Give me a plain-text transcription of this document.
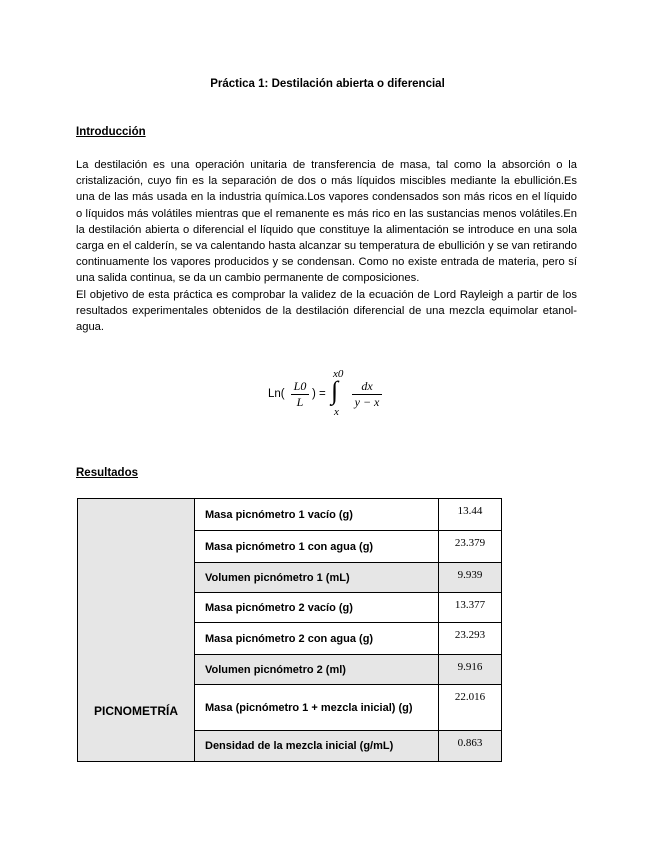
Práctica 1: Destilación abierta o diferencial
Introducción

La destilación es una operación unitaria de transferencia de masa, tal como la absorción o la cristalización, cuyo fin es la separación de dos o más líquidos miscibles mediante la ebullición.Es una de las más usada en la industria química.Los vapores condensados son más ricos en el líquido o líquidos más volátiles mientras que el remanente es más rico en las sustancias menos volátiles.En la destilación abierta o diferencial el líquido que constituye la alimentación se introduce en una sola carga en el calderín, se va calentando hasta alcanzar su temperatura de ebullición y se van retirando continuamente los vapores producidos y se condensan. Como no existe entrada de materia, pero sí una salida continua, se da un cambio permanente de composiciones.

El objetivo de esta práctica es comprobar la validez de la ecuación de Lord Rayleigh a partir de los resultados experimentales obtenidos de la destilación diferencial de una mezcla equimolar etanol-agua.

Ln(
L0
L
) =
x0
∫
x
dx
y − x
Resultados
PICNOMETRÍA	Masa picnómetro 1 vacío (g)	13.44
	Masa picnómetro 1 con agua (g)	23.379
	Volumen picnómetro 1 (mL)	9.939
	Masa picnómetro 2 vacío (g)	13.377
	Masa picnómetro 2 con agua (g)	23.293
	Volumen picnómetro 2 (ml)	9.916
	Masa (picnómetro 1 + mezcla inicial) (g)	22.016
	Densidad de la mezcla inicial (g/mL)	0.863
